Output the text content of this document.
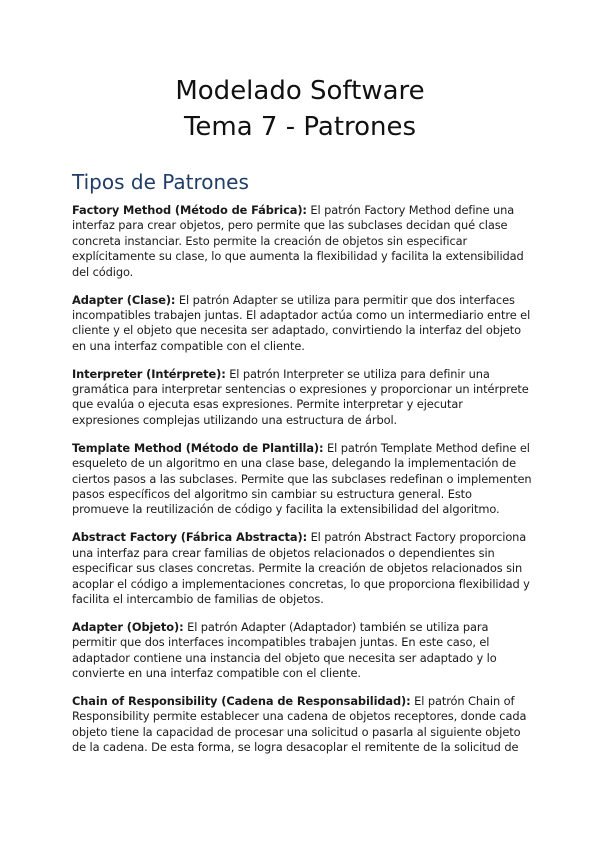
Modelado Software
Tema 7 - Patrones
Tipos de Patrones

Factory Method (Método de Fábrica): El patrón Factory Method define una interfaz para crear objetos, pero permite que las subclases decidan qué clase concreta instanciar. Esto permite la creación de objetos sin especificar explícitamente su clase, lo que aumenta la flexibilidad y facilita la extensibilidad del código.

Adapter (Clase): El patrón Adapter se utiliza para permitir que dos interfaces incompatibles trabajen juntas. El adaptador actúa como un intermediario entre el cliente y el objeto que necesita ser adaptado, convirtiendo la interfaz del objeto en una interfaz compatible con el cliente.

Interpreter (Intérprete): El patrón Interpreter se utiliza para definir una gramática para interpretar sentencias o expresiones y proporcionar un intérprete que evalúa o ejecuta esas expresiones. Permite interpretar y ejecutar expresiones complejas utilizando una estructura de árbol.

Template Method (Método de Plantilla): El patrón Template Method define el esqueleto de un algoritmo en una clase base, delegando la implementación de ciertos pasos a las subclases. Permite que las subclases redefinan o implementen pasos específicos del algoritmo sin cambiar su estructura general. Esto promueve la reutilización de código y facilita la extensibilidad del algoritmo.

Abstract Factory (Fábrica Abstracta): El patrón Abstract Factory proporciona una interfaz para crear familias de objetos relacionados o dependientes sin especificar sus clases concretas. Permite la creación de objetos relacionados sin acoplar el código a implementaciones concretas, lo que proporciona flexibilidad y facilita el intercambio de familias de objetos.

Adapter (Objeto): El patrón Adapter (Adaptador) también se utiliza para permitir que dos interfaces incompatibles trabajen juntas. En este caso, el adaptador contiene una instancia del objeto que necesita ser adaptado y lo convierte en una interfaz compatible con el cliente.

Chain of Responsibility (Cadena de Responsabilidad): El patrón Chain of Responsibility permite establecer una cadena de objetos receptores, donde cada objeto tiene la capacidad de procesar una solicitud o pasarla al siguiente objeto de la cadena. De esta forma, se logra desacoplar el remitente de la solicitud de
